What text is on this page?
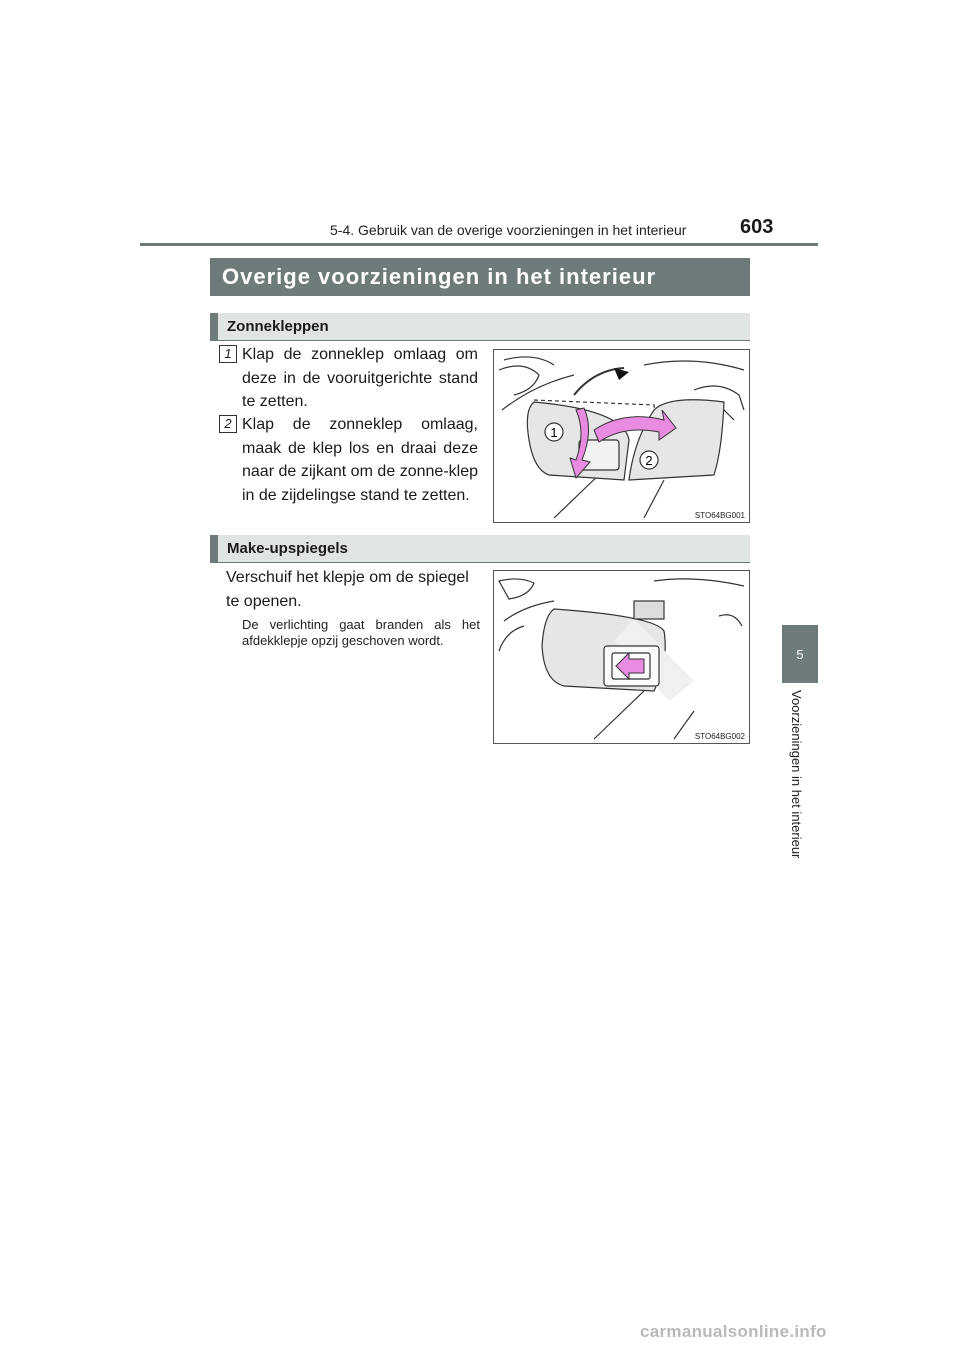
5-4. Gebruik van de overige voorzieningen in het interieur	603
5
Voorzieningen in het interieur
Overige voorzieningen in het interieur
Zonnekleppen
1 Klap de zonneklep omlaag om deze in de vooruitgerichte stand te zetten.
2 Klap de zonneklep omlaag, maak de klep los en draai deze naar de zijkant om de zonne-klep in de zijdelingse stand te zetten.
1
2
STO64BG001
Make-upspiegels
Verschuif het klepje om de spiegel te openen.
De verlichting gaat branden als het afdekklepje opzij geschoven wordt.
STO64BG002
carmanualsonline.info
